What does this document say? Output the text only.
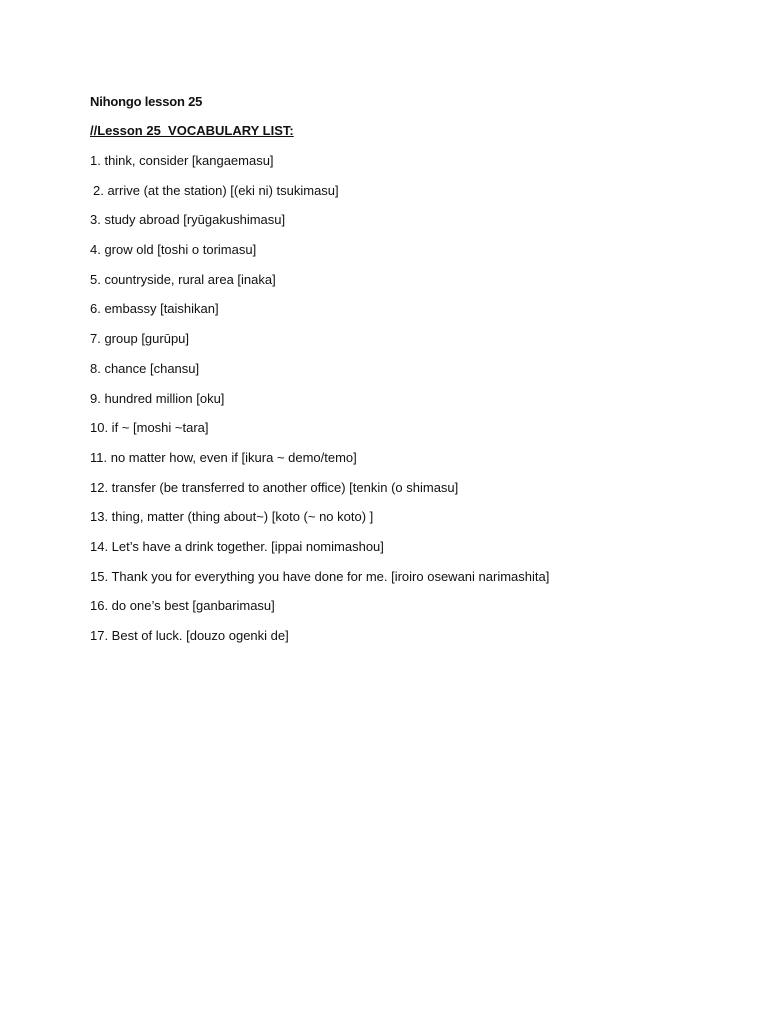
Nihongo lesson 25
//Lesson 25_VOCABULARY LIST:
1. think, consider [kangaemasu]
2. arrive (at the station) [(eki ni) tsukimasu]
3. study abroad [ryūgakushimasu]
4. grow old [toshi o torimasu]
5. countryside, rural area [inaka]
6. embassy [taishikan]
7. group [gurūpu]
8. chance [chansu]
9. hundred million [oku]
10. if ~ [moshi ~tara]
11. no matter how, even if [ikura ~ demo/temo]
12. transfer (be transferred to another office) [tenkin (o shimasu]
13. thing, matter (thing about~) [koto (~ no koto) ]
14. Let’s have a drink together. [ippai nomimashou]
15. Thank you for everything you have done for me. [iroiro osewani narimashita]
16. do one’s best [ganbarimasu]
17. Best of luck. [douzo ogenki de]
